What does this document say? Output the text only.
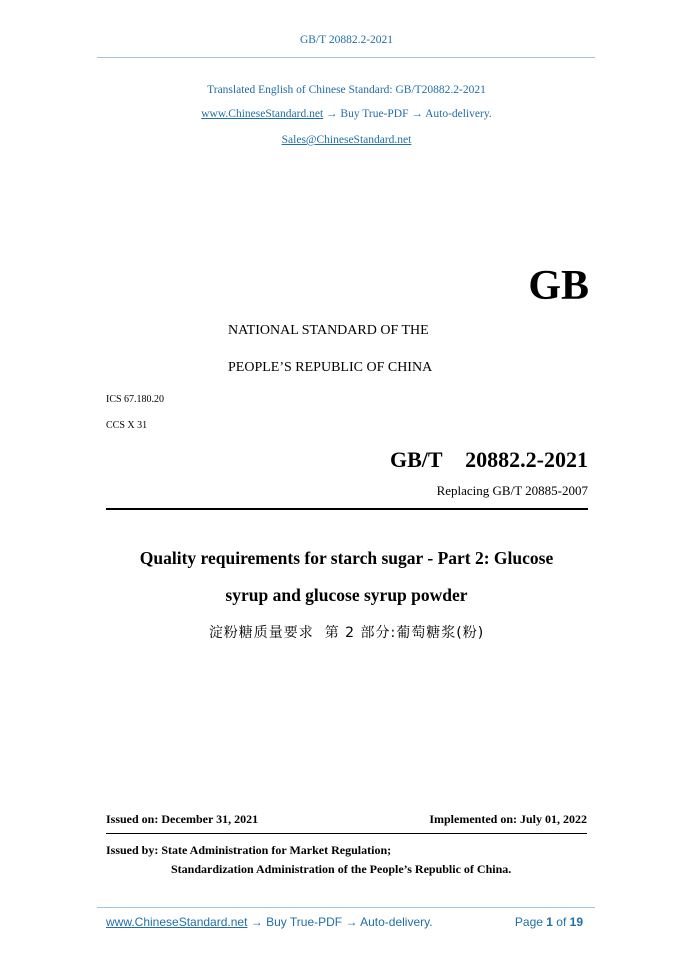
GB/T 20882.2-2021
Translated English of Chinese Standard: GB/T20882.2-2021
www.ChineseStandard.net → Buy True-PDF → Auto-delivery.
Sales@ChineseStandard.net
GB
NATIONAL STANDARD OF THE
PEOPLE’S REPUBLIC OF CHINA
ICS 67.180.20
CCS X 31
GB/T  20882.2-2021
Replacing GB/T 20885-2007
Quality requirements for starch sugar - Part 2: Glucose
syrup and glucose syrup powder
淀粉糖质量要求  第 2 部分:葡萄糖浆(粉)
Issued on: December 31, 2021	Implemented on: July 01, 2022
Issued by: State Administration for Market Regulation;
Standardization Administration of the People’s Republic of China.
www.ChineseStandard.net → Buy True-PDF → Auto-delivery.	Page 1 of 19
